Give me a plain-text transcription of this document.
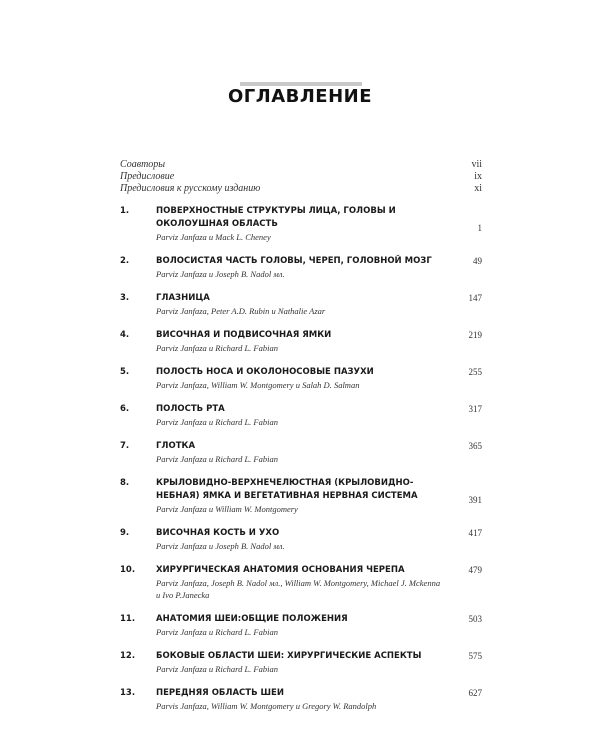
ОГЛАВЛЕНИЕ
Соавторы	vii
Предисловие	ix
Предисловия к русскому изданию	xi
1.	ПОВЕРХНОСТНЫЕ СТРУКТУРЫ ЛИЦА, ГОЛОВЫ И ОКОЛОУШНАЯ ОБЛАСТЬ	1
Parviz Janfaza и Mack L. Cheney
2.	ВОЛОСИСТАЯ ЧАСТЬ ГОЛОВЫ, ЧЕРЕП, ГОЛОВНОЙ МОЗГ	49
Parviz Janfaza и Joseph B. Nadol мл.
3.	ГЛАЗНИЦА	147
Parviz Janfaza, Peter A.D. Rubin и Nathalie Azar
4.	ВИСОЧНАЯ И ПОДВИСОЧНАЯ ЯМКИ	219
Parviz Janfaza и Richard L. Fabian
5.	ПОЛОСТЬ НОСА И ОКОЛОНОСОВЫЕ ПАЗУХИ	255
Parviz Janfaza, William W. Montgomery и Salah D. Salman
6.	ПОЛОСТЬ РТА	317
Parviz Janfaza и Richard L. Fabian
7.	ГЛОТКА	365
Parviz Janfaza и Richard L. Fabian
8.	КРЫЛОВИДНО-ВЕРХНЕЧЕЛЮСТНАЯ (КРЫЛОВИДНО-НЕБНАЯ) ЯМКА И ВЕГЕТАТИВНАЯ НЕРВНАЯ СИСТЕМА	391
Parviz Janfaza и William W. Montgomery
9.	ВИСОЧНАЯ КОСТЬ И УХО	417
Parviz Janfaza и Joseph B. Nadol мл.
10. ХИРУРГИЧЕСКАЯ АНАТОМИЯ ОСНОВАНИЯ ЧЕРЕПА	479
Parviz Janfaza, Joseph B. Nadol мл., William W. Montgomery, Michael J. Mckenna и Ivo P.Janecka
11. АНАТОМИЯ ШЕИ:ОБЩИЕ ПОЛОЖЕНИЯ	503
Parviz Janfaza и Richard L. Fabian
12. БОКОВЫЕ ОБЛАСТИ ШЕИ: ХИРУРГИЧЕСКИЕ АСПЕКТЫ	575
Parviz Janfaza и Richard L. Fabian
13. ПЕРЕДНЯЯ ОБЛАСТЬ ШЕИ	627
Parvis Janfaza, William W. Montgomery и Gregory W. Randolph
